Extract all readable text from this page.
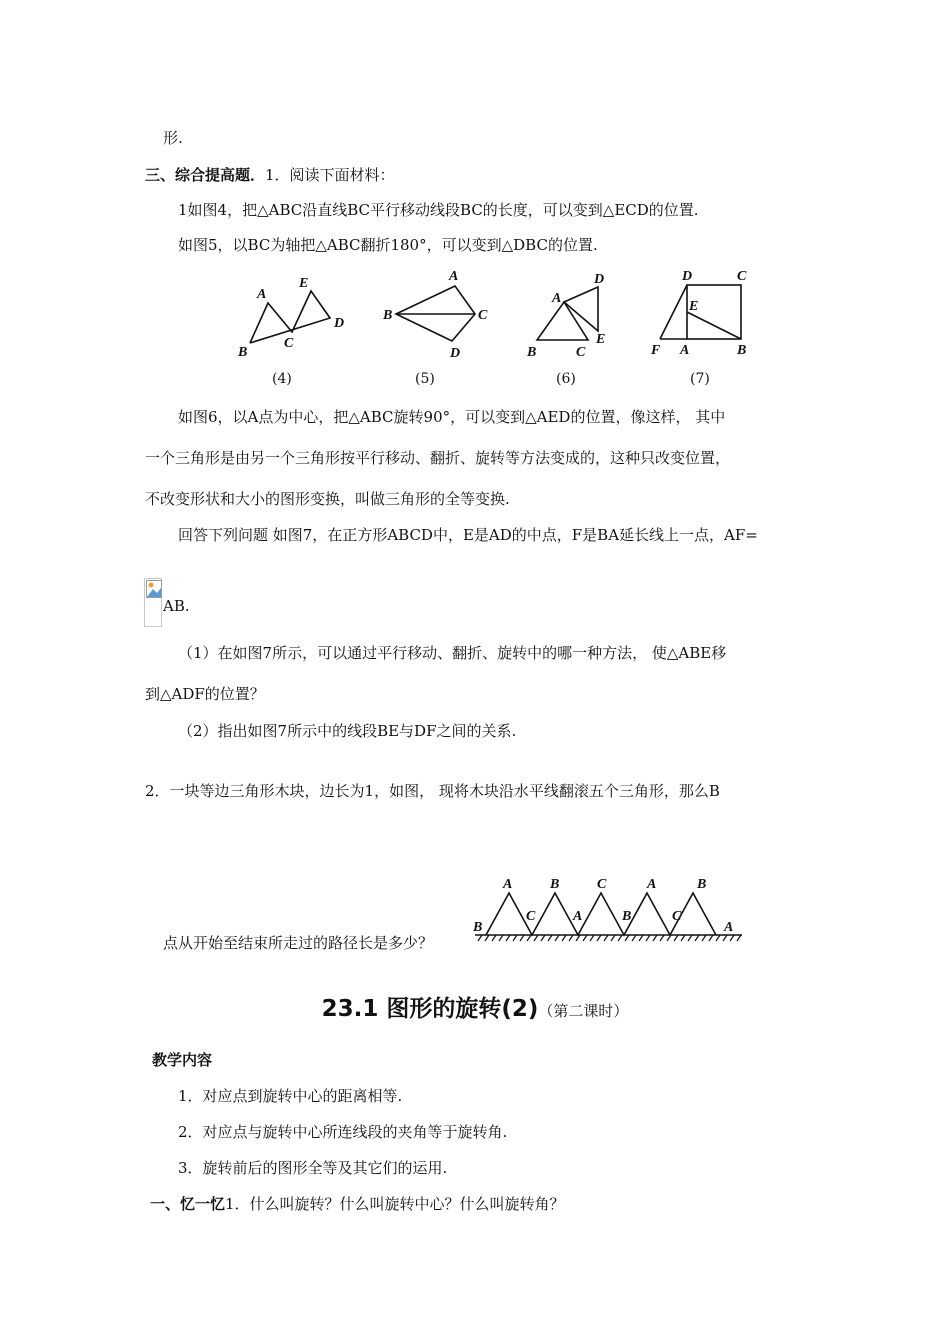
形.
三、综合提高题．1．阅读下面材料：
1如图4，把△ABC沿直线BC平行移动线段BC的长度，可以变到△ECD的位置.
如图5，以BC为轴把△ABC翻折180°，可以变到△DBC的位置.
A
E
D
B
C
A
B	C
D
D
A
E
B	C
D	C
E
F A	B
(4)	(5)	(6)	(7)
如图6，以A点为中心，把△ABC旋转90°，可以变到△AED的位置，像这样， 其中
一个三角形是由另一个三角形按平行移动、翻折、旋转等方法变成的，这种只改变位置，
不改变形状和大小的图形变换，叫做三角形的全等变换.
回答下列问题 如图7，在正方形ABCD中，E是AD的中点，F是BA延长线上一点，AF=
AB.
（1）在如图7所示，可以通过平行移动、翻折、旋转中的哪一种方法， 使△ABE移
到△ADF的位置？
（2）指出如图7所示中的线段BE与DF之间的关系.
2．一块等边三角形木块，边长为1，如图， 现将木块沿水平线翻滚五个三角形，那么B
A	B	C	A	B
B
C	A	B	C
A
点从开始至结束所走过的路径长是多少？
23.1 图形的旋转(2)（第二课时）
教学内容
1．对应点到旋转中心的距离相等.
2．对应点与旋转中心所连线段的夹角等于旋转角.
3．旋转前后的图形全等及其它们的运用.
一、忆一忆1．什么叫旋转？什么叫旋转中心？什么叫旋转角？
